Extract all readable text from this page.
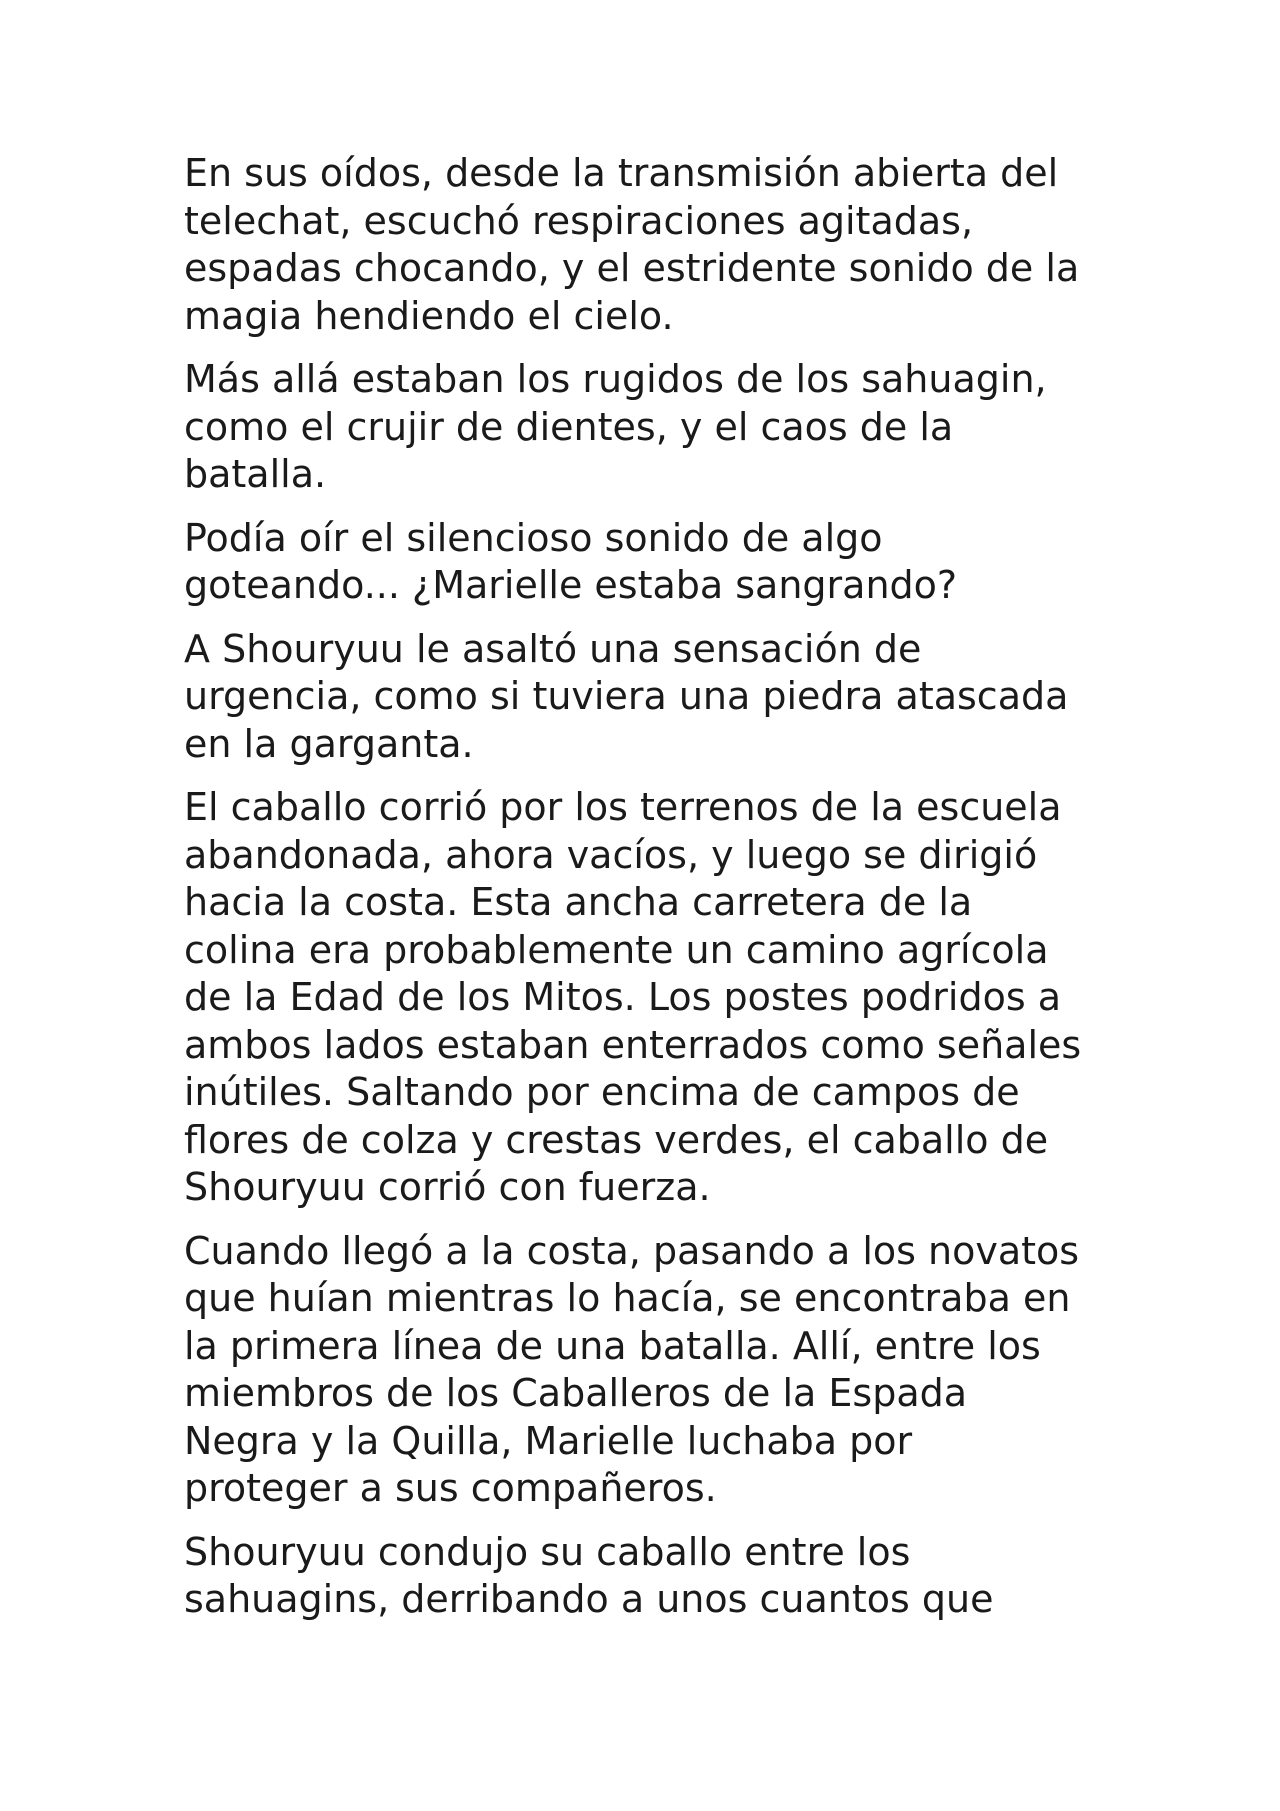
En sus oídos, desde la transmisión abierta del
telechat, escuchó respiraciones agitadas,
espadas chocando, y el estridente sonido de la
magia hendiendo el cielo.

Más allá estaban los rugidos de los sahuagin,
como el crujir de dientes, y el caos de la
batalla.

Podía oír el silencioso sonido de algo
goteando... ¿Marielle estaba sangrando?

A Shouryuu le asaltó una sensación de
urgencia, como si tuviera una piedra atascada
en la garganta.

El caballo corrió por los terrenos de la escuela
abandonada, ahora vacíos, y luego se dirigió
hacia la costa. Esta ancha carretera de la
colina era probablemente un camino agrícola
de la Edad de los Mitos. Los postes podridos a
ambos lados estaban enterrados como señales
inútiles. Saltando por encima de campos de
flores de colza y crestas verdes, el caballo de
Shouryuu corrió con fuerza.

Cuando llegó a la costa, pasando a los novatos
que huían mientras lo hacía, se encontraba en
la primera línea de una batalla. Allí, entre los
miembros de los Caballeros de la Espada
Negra y la Quilla, Marielle luchaba por
proteger a sus compañeros.

Shouryuu condujo su caballo entre los
sahuagins, derribando a unos cuantos que
